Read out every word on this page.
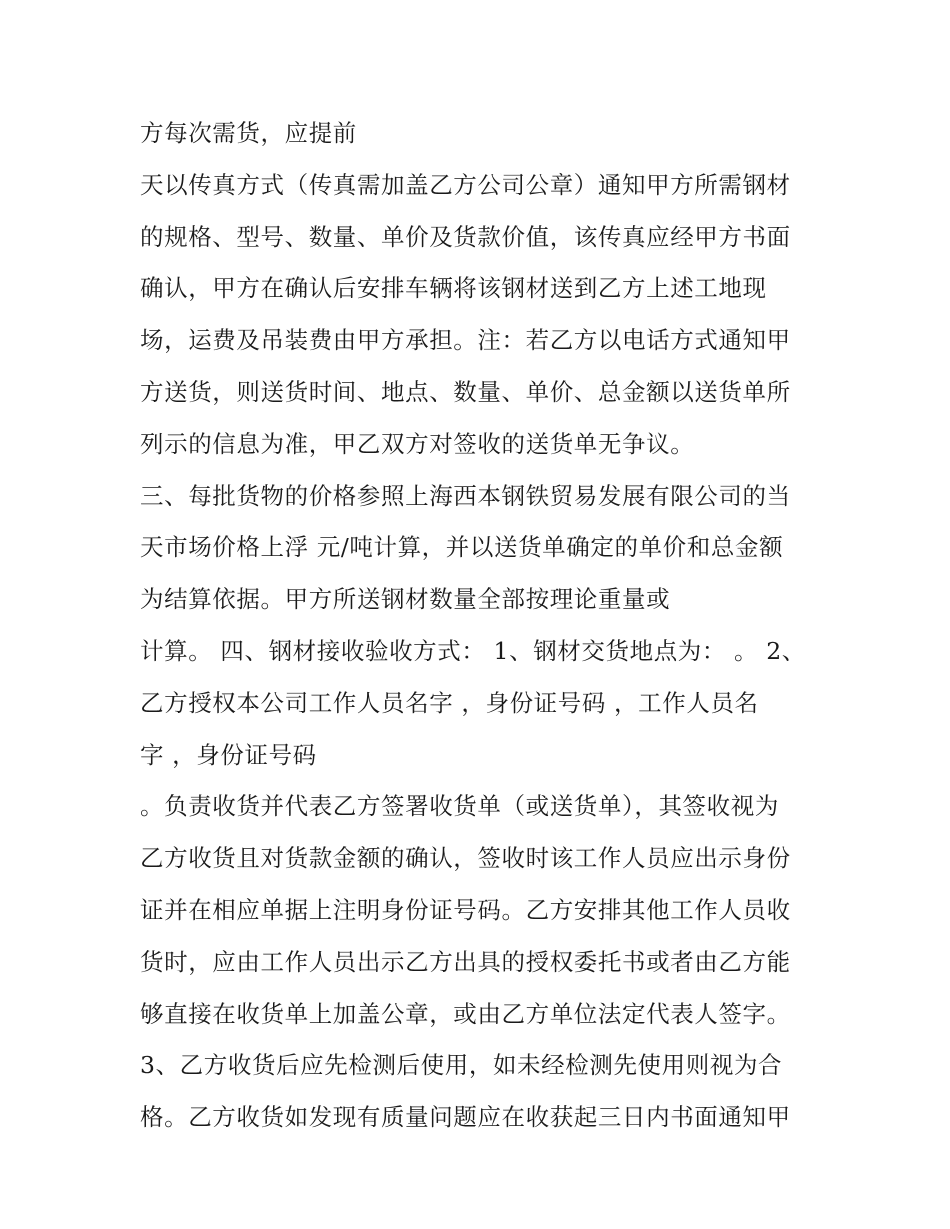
方每次需货，应提前
天以传真方式（传真需加盖乙方公司公章）通知甲方所需钢材
的规格、型号、数量、单价及货款价值，该传真应经甲方书面
确认，甲方在确认后安排车辆将该钢材送到乙方上述工地现
场，运费及吊装费由甲方承担。注：若乙方以电话方式通知甲
方送货，则送货时间、地点、数量、单价、总金额以送货单所
列示的信息为准，甲乙双方对签收的送货单无争议。
三、每批货物的价格参照上海西本钢铁贸易发展有限公司的当
天市场价格上浮 元/吨计算，并以送货单确定的单价和总金额
为结算依据。甲方所送钢材数量全部按理论重量或
计算。 四、钢材接收验收方式： 1、钢材交货地点为： 。 2、
乙方授权本公司工作人员名字 ，身份证号码 ，工作人员名
字 ，身份证号码
。负责收货并代表乙方签署收货单（或送货单），其签收视为
乙方收货且对货款金额的确认，签收时该工作人员应出示身份
证并在相应单据上注明身份证号码。乙方安排其他工作人员收
货时，应由工作人员出示乙方出具的授权委托书或者由乙方能
够直接在收货单上加盖公章，或由乙方单位法定代表人签字。
3、乙方收货后应先检测后使用，如未经检测先使用则视为合
格。乙方收货如发现有质量问题应在收获起三日内书面通知甲
